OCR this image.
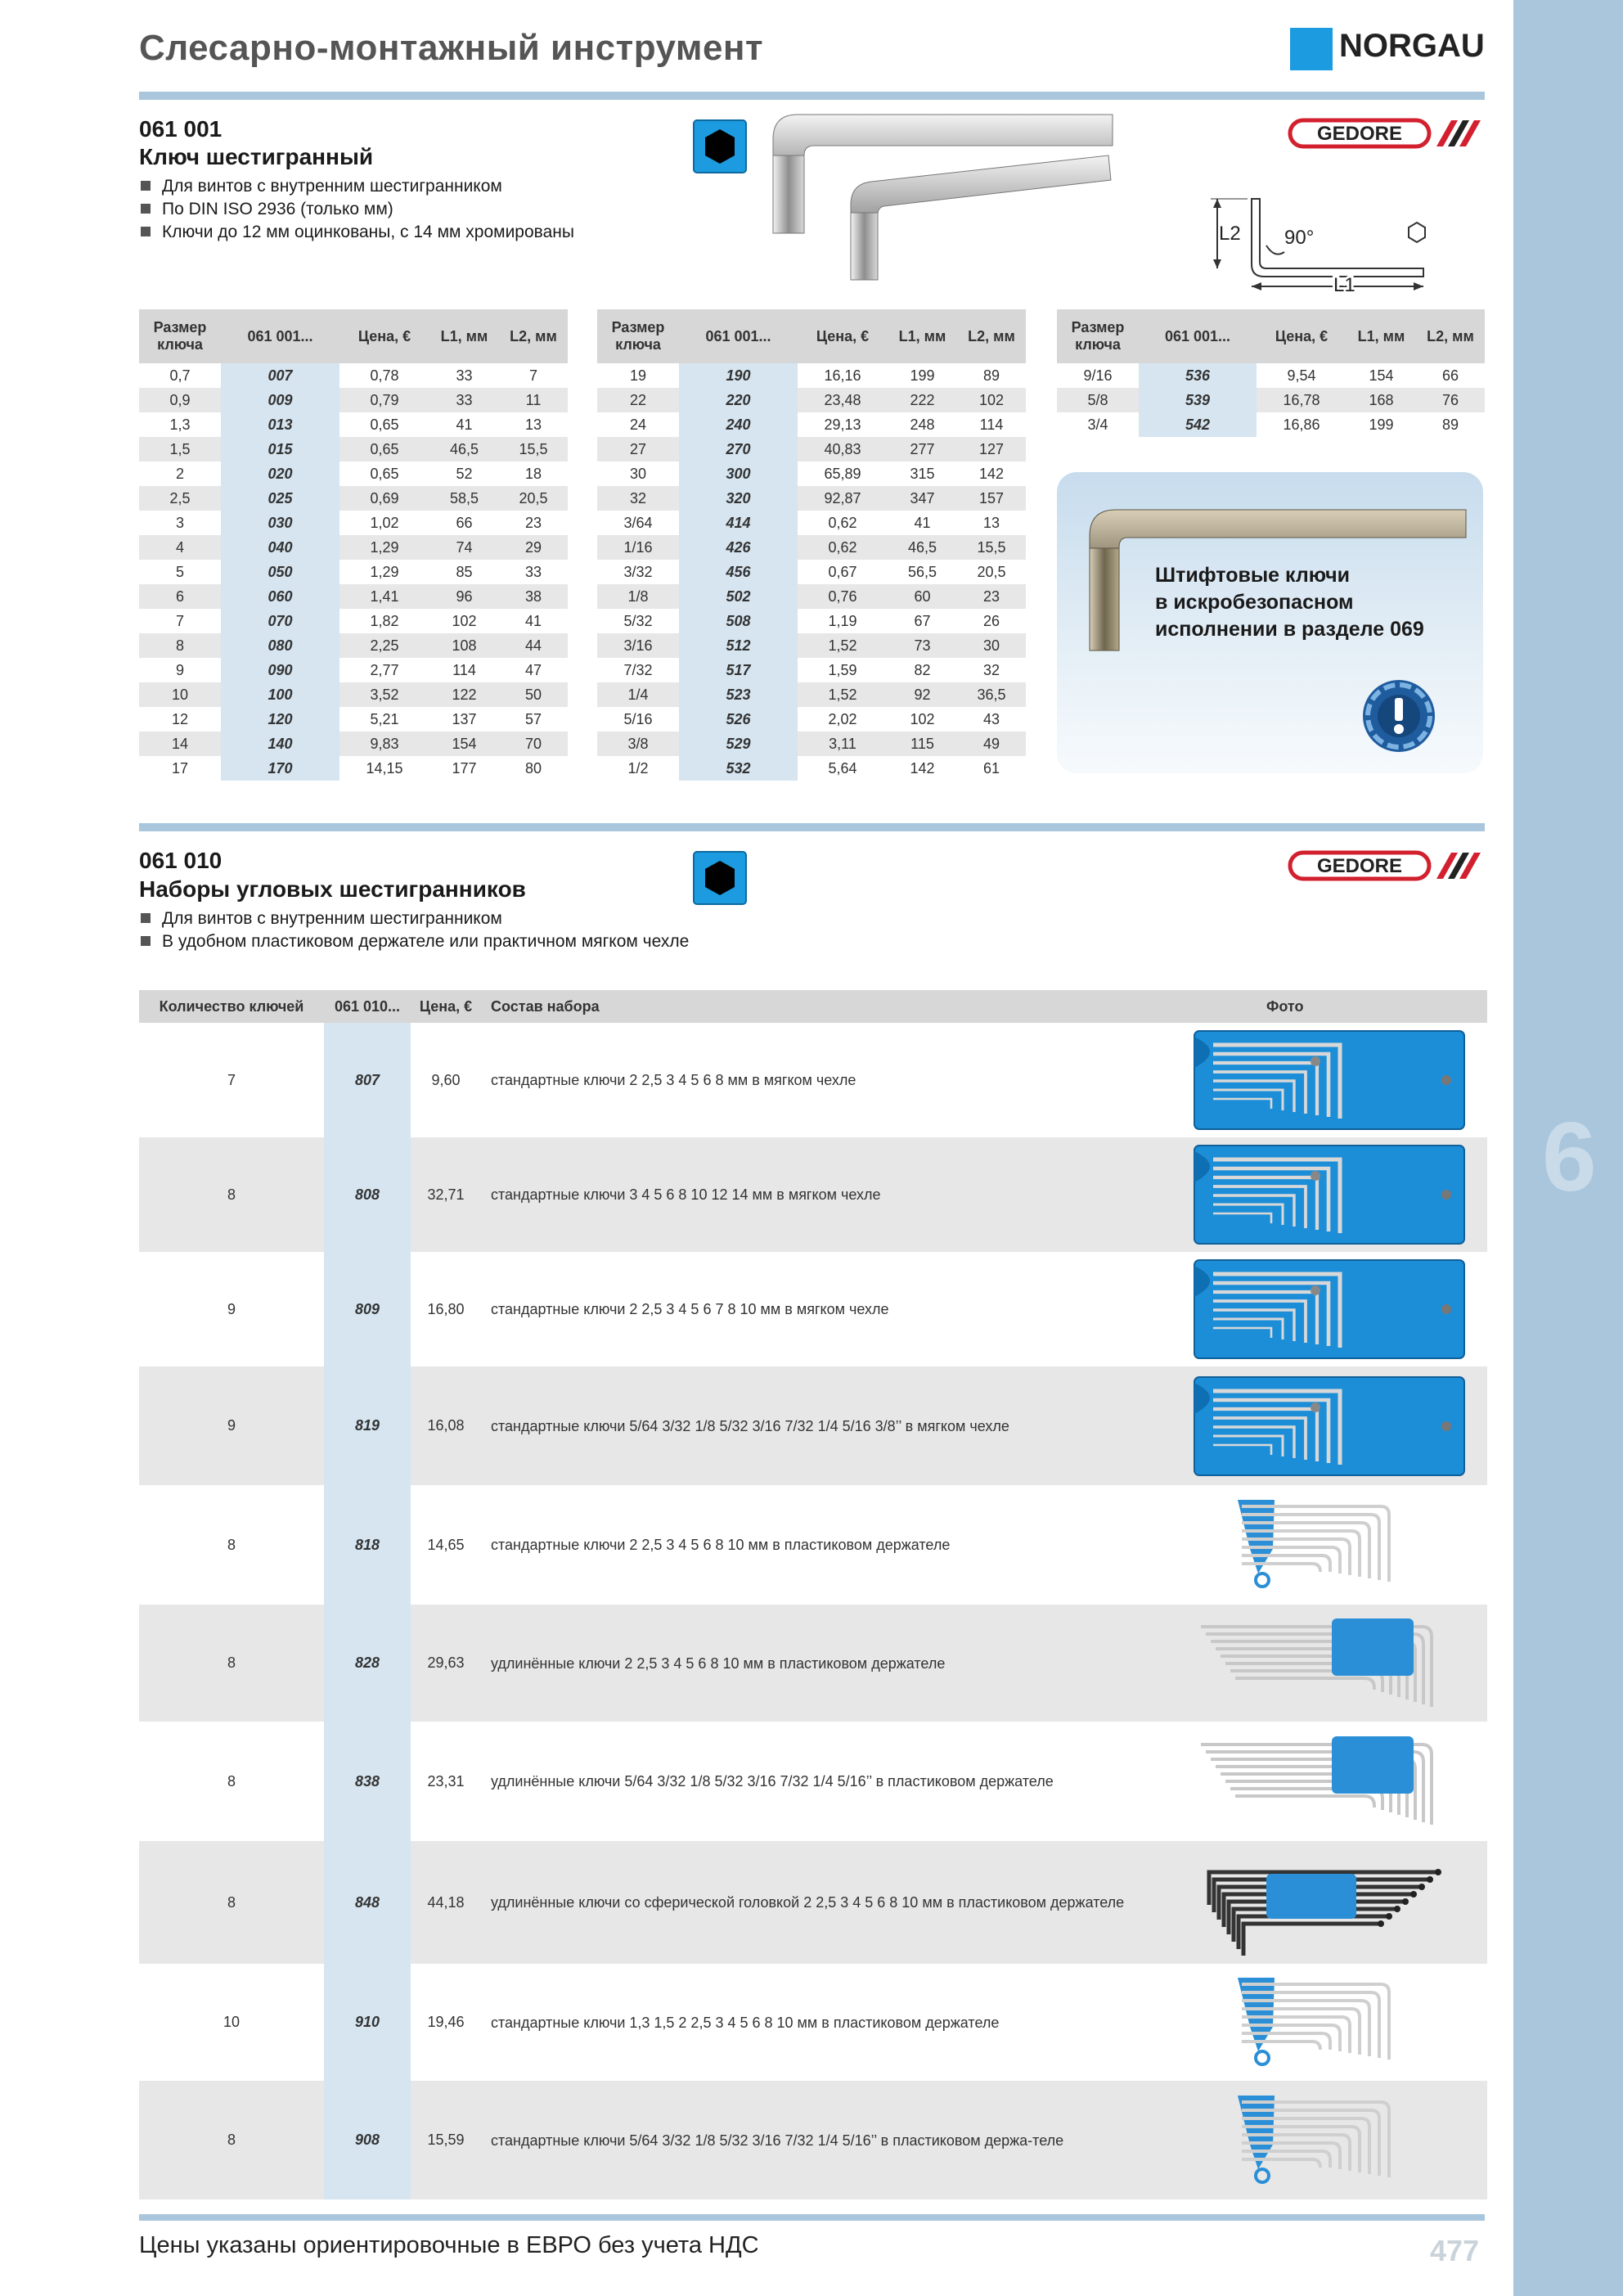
6
Слесарно-монтажный инструмент	NORGAU
061 001
Ключ шестигранный
Для винтов с внутренним шестигранником
По DIN ISO 2936 (только мм)
Ключи до 12 мм оцинкованы, с 14 мм хромированы
GEDORE
L2 90°
L1
Размер ключа	061 001...	Цена, €	L1, мм	L2, мм
0,7	007	0,78	33	7
0,9	009	0,79	33	11
1,3	013	0,65	41	13
1,5	015	0,65	46,5	15,5
2	020	0,65	52	18
2,5	025	0,69	58,5	20,5
3	030	1,02	66	23
4	040	1,29	74	29
5	050	1,29	85	33
6	060	1,41	96	38
7	070	1,82	102	41
8	080	2,25	108	44
9	090	2,77	114	47
10	100	3,52	122	50
12	120	5,21	137	57
14	140	9,83	154	70
17	170	14,15	177	80
Размер ключа	061 001...	Цена, €	L1, мм	L2, мм
19	190	16,16	199	89
22	220	23,48	222	102
24	240	29,13	248	114
27	270	40,83	277	127
30	300	65,89	315	142
32	320	92,87	347	157
3/64	414	0,62	41	13
1/16	426	0,62	46,5	15,5
3/32	456	0,67	56,5	20,5
1/8	502	0,76	60	23
5/32	508	1,19	67	26
3/16	512	1,52	73	30
7/32	517	1,59	82	32
1/4	523	1,52	92	36,5
5/16	526	2,02	102	43
3/8	529	3,11	115	49
1/2	532	5,64	142	61
Размер ключа	061 001...	Цена, €	L1, мм	L2, мм
9/16	536	9,54	154	66
5/8	539	16,78	168	76
3/4	542	16,86	199	89
Штифтовые ключи
в искробезопасном
исполнении в разделе 069
061 010
Наборы угловых шестигранников
Для винтов с внутренним шестигранником
В удобном пластиковом держателе или практичном мягком чехле
GEDORE
Количество ключей	061 010...	Цена, €	Состав набора	Фото
7	807	9,60	стандартные ключи 2 2,5 3 4 5 6 8 мм в мягком чехле	

8	808	32,71	стандартные ключи 3 4 5 6 8 10 12 14 мм в мягком чехле	

9	809	16,80	стандартные ключи 2 2,5 3 4 5 6 7 8 10 мм в мягком чехле	

9	819	16,08	стандартные ключи 5/64 3/32 1/8 5/32 3/16 7/32 1/4 5/16 3/8’’ в мягком чехле	

8	818	14,65	стандартные ключи 2 2,5 3 4 5 6 8 10 мм в пластиковом держателе	

8	828	29,63	удлинённые ключи 2 2,5 3 4 5 6 8 10 мм в пластиковом держателе	

8	838	23,31	удлинённые ключи 5/64 3/32 1/8 5/32 3/16 7/32 1/4 5/16’’ в пластиковом держателе	

8	848	44,18	удлинённые ключи со сферической головкой 2 2,5 3 4 5 6 8 10 мм в пластиковом держателе	

10	910	19,46	стандартные ключи 1,3 1,5 2 2,5 3 4 5 6 8 10 мм в пластиковом держателе	

8	908	15,59	стандартные ключи 5/64 3/32 1/8 5/32 3/16 7/32 1/4 5/16’’ в пластиковом держа-теле	
Цены указаны ориентировочные в ЕВРО без учета НДС	477
